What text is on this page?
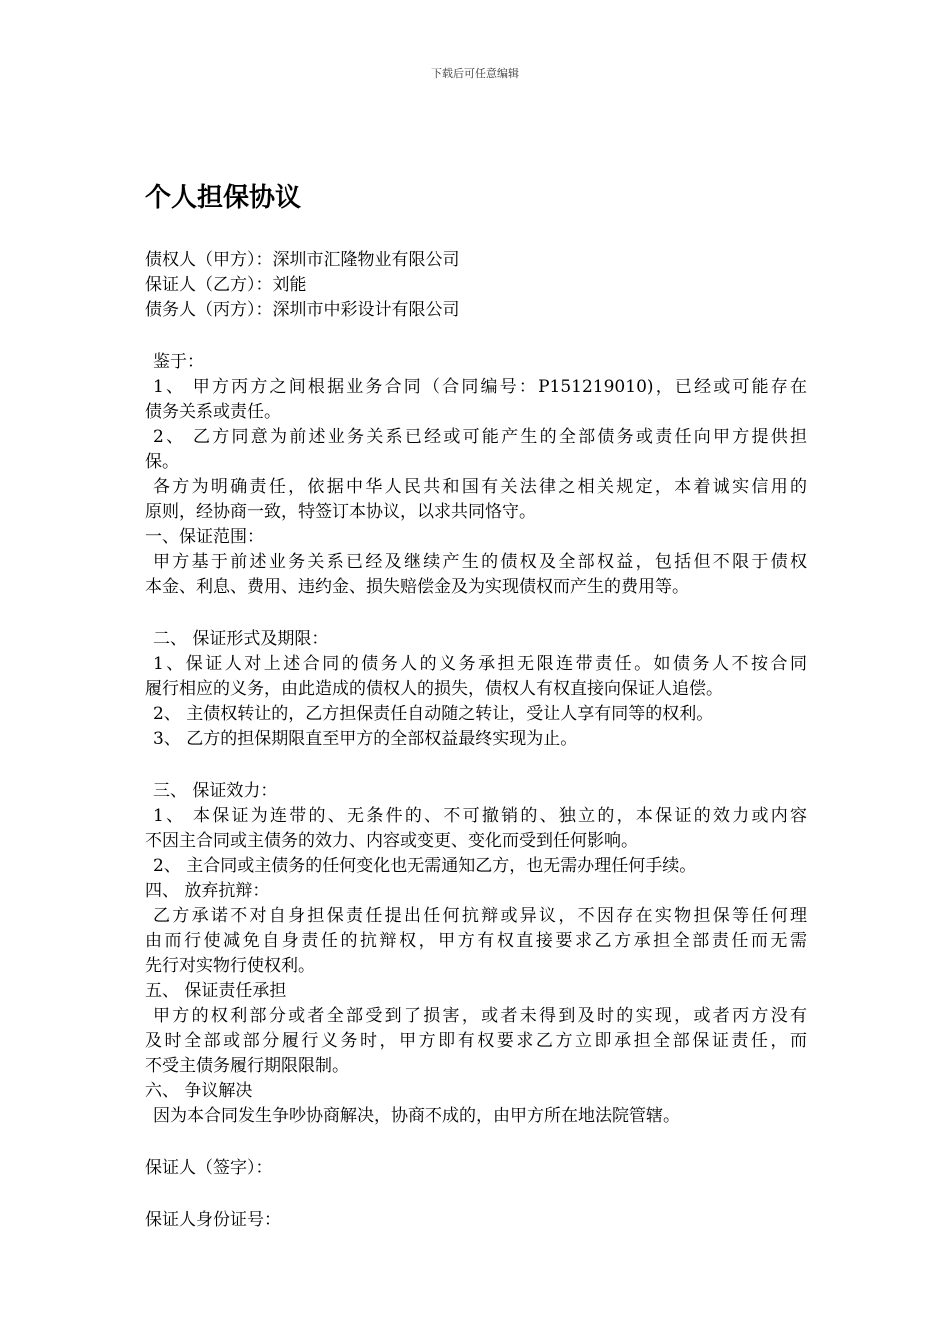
下载后可任意编辑
个人担保协议
债权人（甲方）：深圳市汇隆物业有限公司
保证人（乙方）：刘能
债务人（丙方）：深圳市中彩设计有限公司
鉴于：
1、 甲方丙方之间根据业务合同（合同编号：P151219010)，已经或可能存在
债务关系或责任。
2、 乙方同意为前述业务关系已经或可能产生的全部债务或责任向甲方提供担
保。
各方为明确责任，依据中华人民共和国有关法律之相关规定，本着诚实信用的
原则，经协商一致，特签订本协议，以求共同恪守。
一、保证范围：
甲方基于前述业务关系已经及继续产生的债权及全部权益，包括但不限于债权
本金、利息、费用、违约金、损失赔偿金及为实现债权而产生的费用等。
二、 保证形式及期限：
1、保证人对上述合同的债务人的义务承担无限连带责任。如债务人不按合同
履行相应的义务，由此造成的债权人的损失，债权人有权直接向保证人追偿。
2、 主债权转让的，乙方担保责任自动随之转让，受让人享有同等的权利。
3、 乙方的担保期限直至甲方的全部权益最终实现为止。
三、 保证效力：
1、 本保证为连带的、无条件的、不可撤销的、独立的，本保证的效力或内容
不因主合同或主债务的效力、内容或变更、变化而受到任何影响。
2、 主合同或主债务的任何变化也无需通知乙方，也无需办理任何手续。
四、 放弃抗辩：
乙方承诺不对自身担保责任提出任何抗辩或异议，不因存在实物担保等任何理
由而行使减免自身责任的抗辩权，甲方有权直接要求乙方承担全部责任而无需
先行对实物行使权利。
五、 保证责任承担
甲方的权利部分或者全部受到了损害，或者未得到及时的实现，或者丙方没有
及时全部或部分履行义务时，甲方即有权要求乙方立即承担全部保证责任，而
不受主债务履行期限限制。
六、 争议解决
因为本合同发生争吵协商解决，协商不成的，由甲方所在地法院管辖。
保证人（签字）：
保证人身份证号：
